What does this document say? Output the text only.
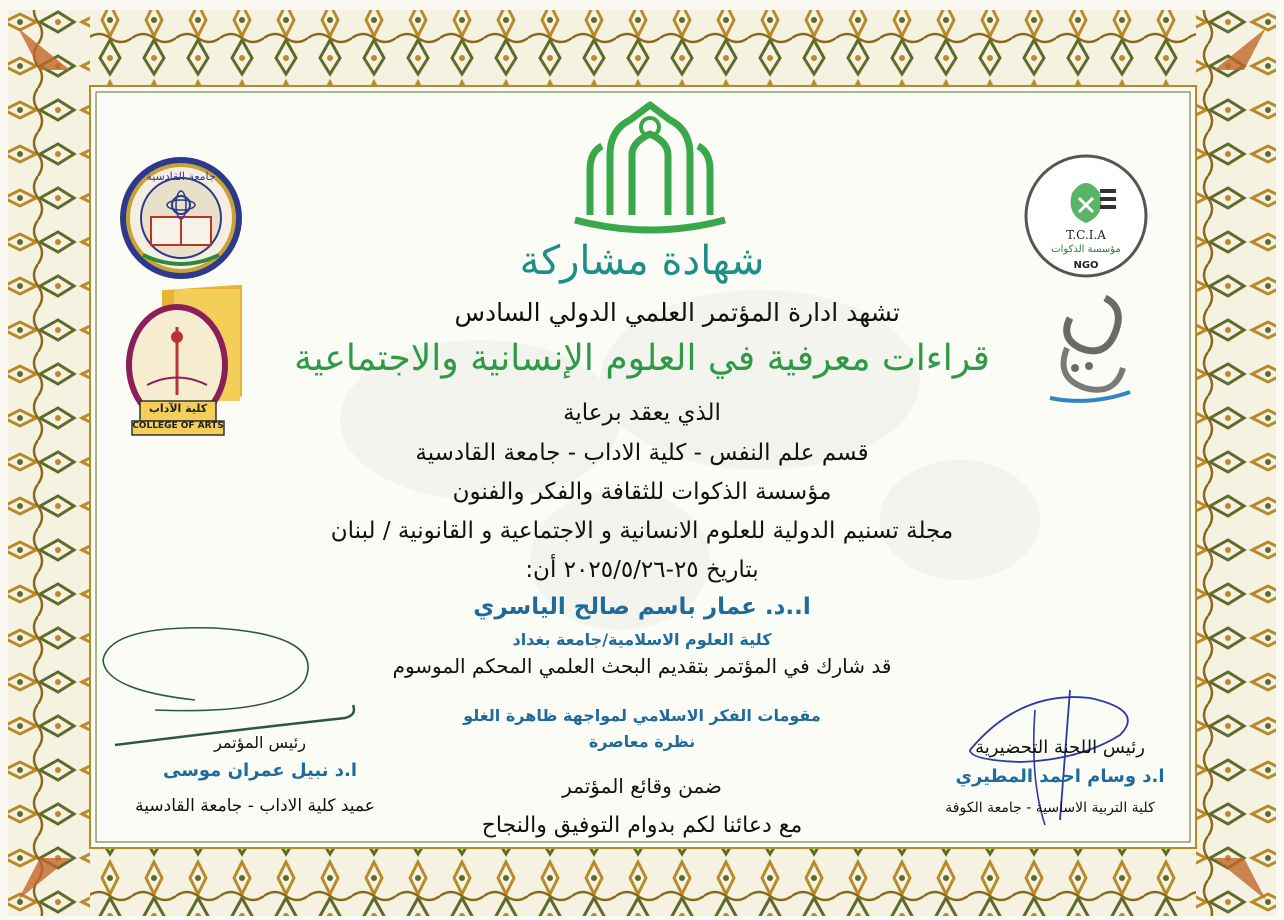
جامعة القادسية
كلية الآداب
COLLEGE OF ARTS
T.C.I.A
مؤسسة الذكوات
NGO
شهادة مشاركة
تشهد ادارة المؤتمر العلمي الدولي السادس
قراءات معرفية في العلوم الإنسانية والاجتماعية
الذي يعقد برعاية
قسم علم النفس - كلية الاداب - جامعة القادسية
مؤسسة الذكوات للثقافة والفكر والفنون
مجلة تسنيم الدولية للعلوم الانسانية و الاجتماعية و القانونية / لبنان
بتاريخ ٢٥-٢٠٢٥/٥/٢٦ أن:
ا..د. عمار باسم صالح الياسري
كلية العلوم الاسلامية/جامعة بغداد
قد شارك في المؤتمر بتقديم البحث العلمي المحكم الموسوم
مقومات الفكر الاسلامي لمواجهة ظاهرة الغلو
نظرة معاصرة
ضمن وقائع المؤتمر
مع دعائنا لكم بدوام التوفيق والنجاح
رئيس المؤتمر
ا.د نبيل عمران موسى
عميد كلية الاداب - جامعة القادسية
رئيس اللجنة التحضيرية
ا.د وسام احمد المطيري
كلية التربية الاساسية - جامعة الكوفة
